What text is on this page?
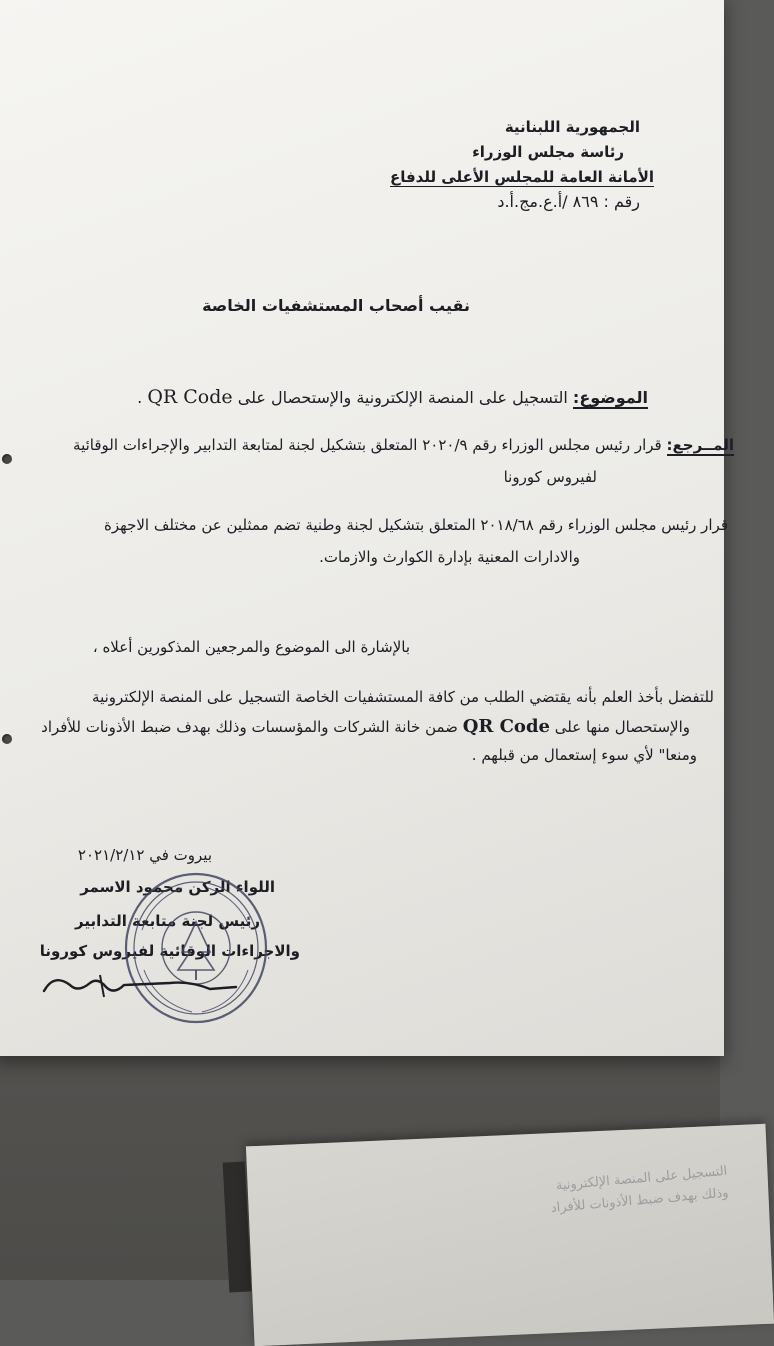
التسجيل على المنصة الإلكترونية
وذلك بهدف ضبط الأذونات للأفراد
الجمهورية اللبنانية
رئاسة مجلس الوزراء
الأمانة العامة للمجلس الأعلى للدفاع
رقم : ٨٦٩ /أ.ع.مج.أ.د
نقيب أصحاب المستشفيات الخاصة
الموضوع: التسجيل على المنصة الإلكترونية والإستحصال على QR Code .
المــرجع: قرار رئيس مجلس الوزراء رقم ٢٠٢٠/٩ المتعلق بتشكيل لجنة لمتابعة التدابير والإجراءات الوقائية
لفيروس كورونا
قرار رئيس مجلس الوزراء رقم ٢٠١٨/٦٨ المتعلق بتشكيل لجنة وطنية تضم ممثلين عن مختلف الاجهزة
والادارات المعنية بإدارة الكوارث والازمات.
بالإشارة الى الموضوع والمرجعين المذكورين أعلاه ،
للتفضل بأخذ العلم بأنه يقتضي الطلب من كافة المستشفيات الخاصة التسجيل على المنصة الإلكترونية
والإستحصال منها على QR Code ضمن خانة الشركات والمؤسسات وذلك بهدف ضبط الأذونات للأفراد
ومنعا" لأي سوء إستعمال من قبلهم .
بيروت في ٢٠٢١/٢/١٢
اللواء الركن محمود الاسمر
رئيس لجنة متابعة التدابير
والاجراءات الوقائية لفيروس كورونا
